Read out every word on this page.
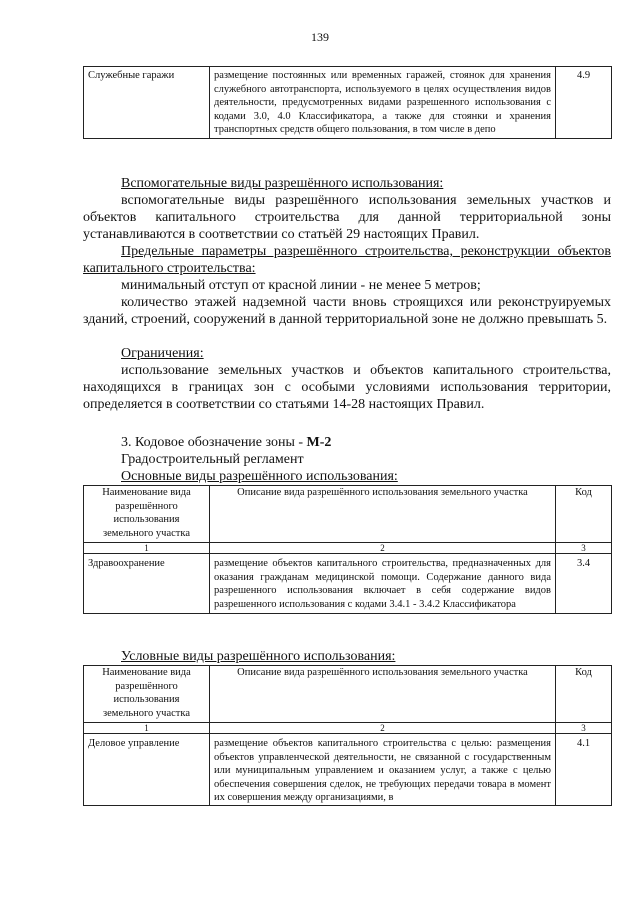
139
Служебные гаражи	размещение постоянных или временных гаражей, стоянок для хранения служебного автотранспорта, используемого в целях осуществления видов деятельности, предусмотренных видами разрешенного использования с кодами 3.0, 4.0 Классификатора, а также для стоянки и хранения транспортных средств общего пользования, в том числе в депо	4.9

Вспомогательные виды разрешённого использования:

вспомогательные виды разрешённого использования земельных участков и объектов капитального строительства для данной территориальной зоны устанавливаются в соответствии со статьёй 29 настоящих Правил.

Предельные параметры разрешённого строительства, реконструкции объектов капитального строительства:

минимальный отступ от красной линии - не менее 5 метров;

количество этажей надземной части вновь строящихся или реконструируемых зданий, строений, сооружений в данной территориальной зоне не должно превышать 5.

Ограничения:

использование земельных участков и объектов капитального строительства, находящихся в границах зон с особыми условиями использования территории, определяется в соответствии со статьями 14-28 настоящих Правил.

3. Кодовое обозначение зоны - М-2

Градостроительный регламент

Основные виды разрешённого использования:

Наименование вида разрешённого использования земельного участка	Описание вида разрешённого использования земельного участка	Код
1	2	3
Здравоохранение	размещение объектов капитального строительства, предназначенных для оказания гражданам медицинской помощи. Содержание данного вида разрешенного использования включает в себя содержание видов разрешенного использования с кодами 3.4.1 - 3.4.2 Классификатора	3.4

Условные виды разрешённого использования:

Наименование вида разрешённого использования земельного участка	Описание вида разрешённого использования земельного участка	Код
1	2	3
Деловое управление	размещение объектов капитального строительства с целью: размещения объектов управленческой деятельности, не связанной с государственным или муниципальным управлением и оказанием услуг, а также с целью обеспечения совершения сделок, не требующих передачи товара в момент их совершения между организациями, в	4.1
